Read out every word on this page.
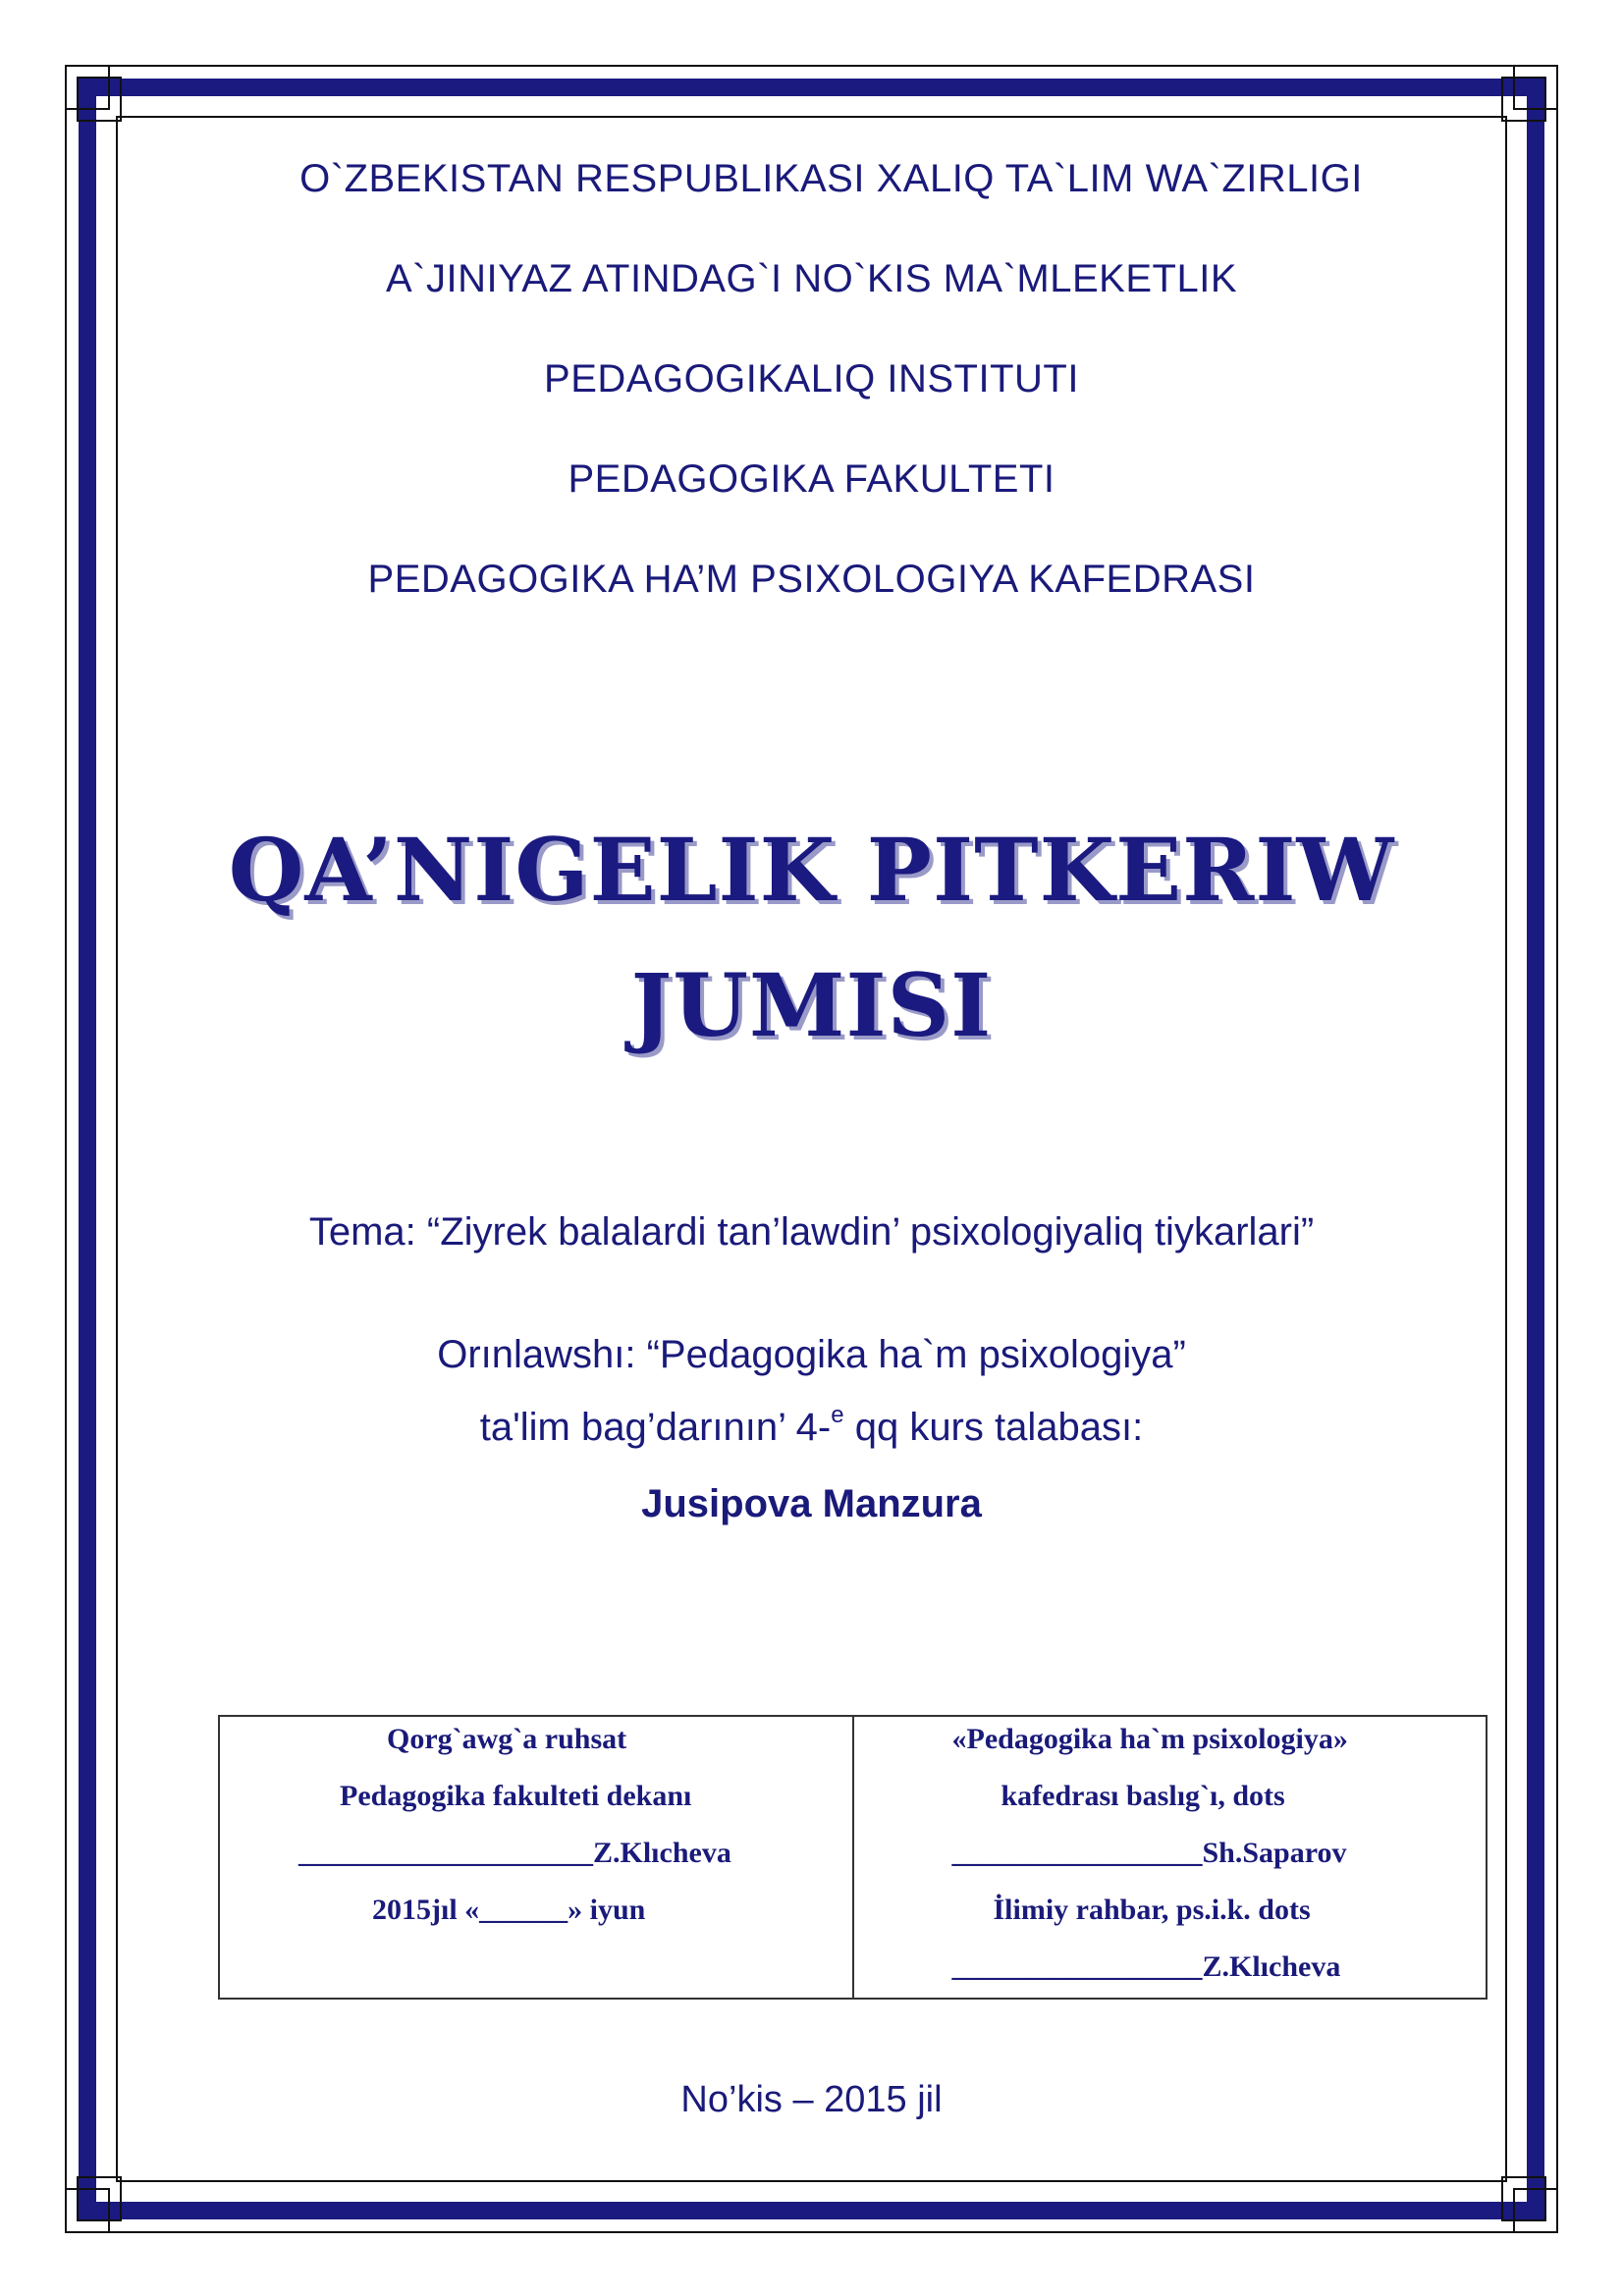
O`ZBEKISTAN RESPUBLIKASI XALIQ TA`LIM WA`ZIRLIGI
A`JINIYAZ ATINDAG`I NO`KIS MA`MLEKETLIK
PEDAGOGIKALIQ INSTITUTI
PEDAGOGIKA FAKULTETI
PEDAGOGIKA HA’M PSIXOLOGIYA KAFEDRASI
QA’NIGELIK PITKERIW
JUMISI
Tema: “Ziyrek balalardi tan’lawdin’ psixologiyaliq tiykarlari”
Orınlawshı: “Pedagogika ha`m psixologiya”
ta'lim bag’darının’ 4-$^e$ qq kurs talabası:
Jusipova Manzura
Qorg`awg`a ruhsat
Pedagogika fakulteti dekanı
____________________Z.Klıcheva
2015jıl «______» iyun
«Pedagogika ha`m psixologiya»
kafedrası baslıg`ı, dots
_________________Sh.Saparov
İlimiy rahbar, ps.i.k. dots
_________________Z.Klıcheva
No’kis – 2015 jil
